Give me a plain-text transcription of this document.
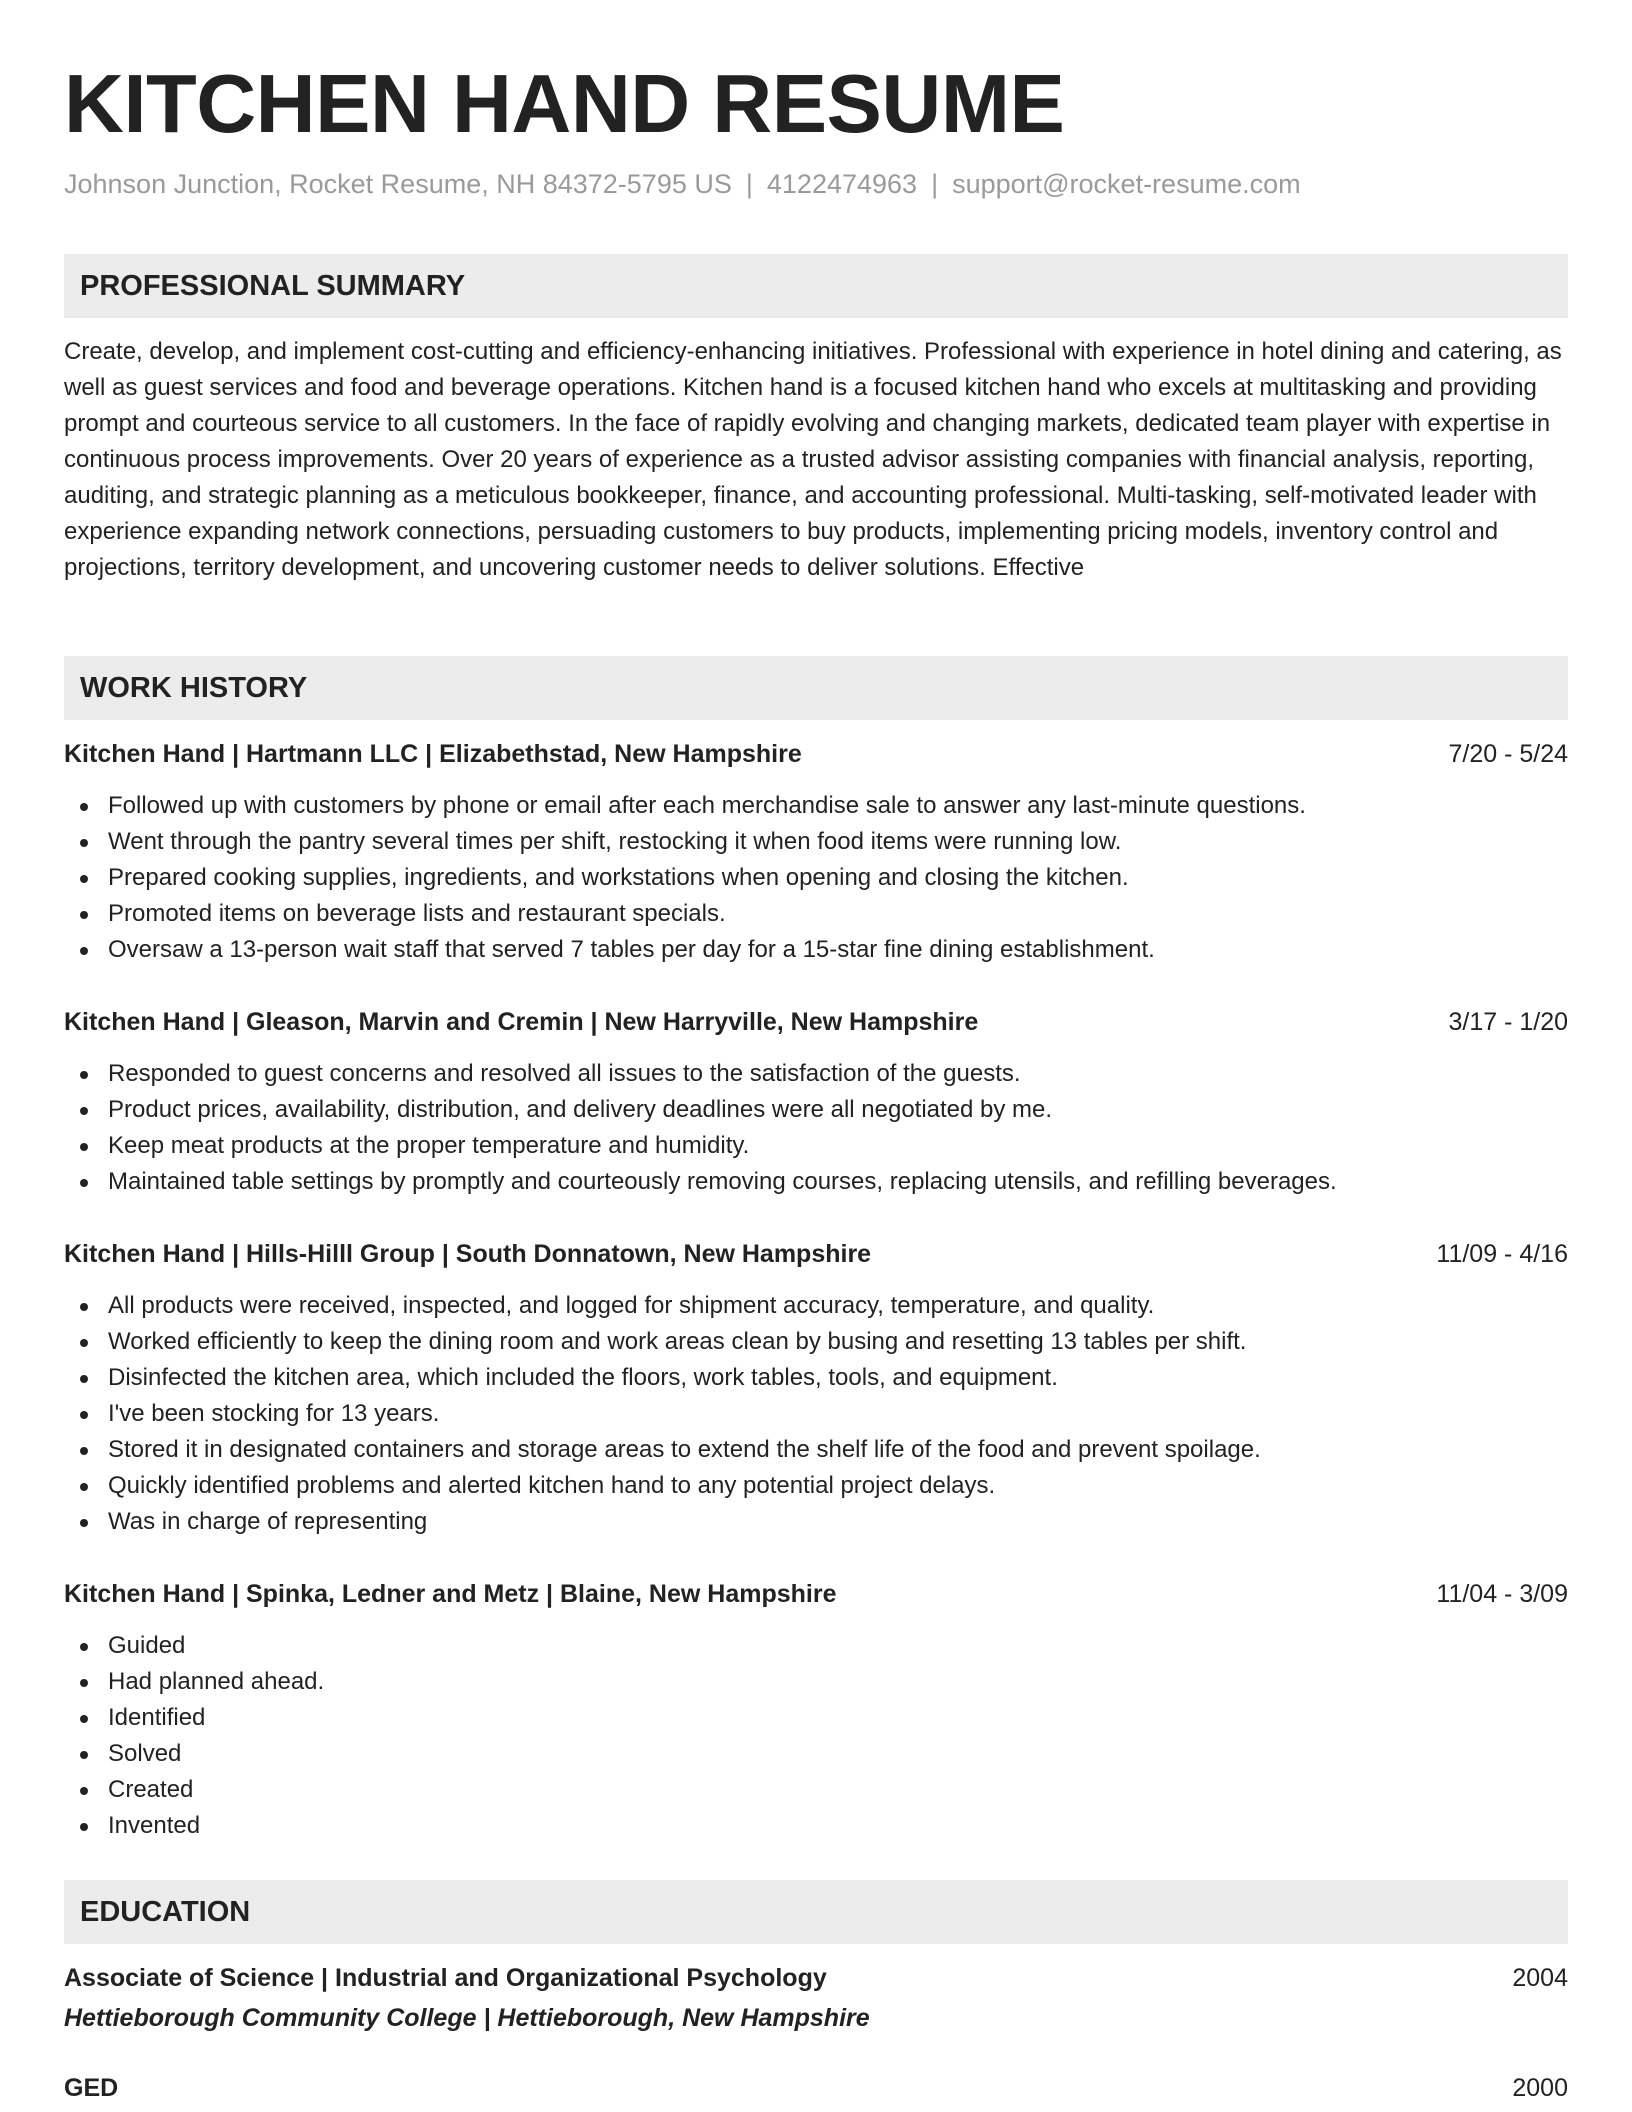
KITCHEN HAND RESUME

Johnson Junction, Rocket Resume, NH 84372-5795 US | 4122474963 | support@rocket-resume.com

PROFESSIONAL SUMMARY

Create, develop, and implement cost-cutting and efficiency-enhancing initiatives. Professional with experience in hotel dining and catering, as well as guest services and food and beverage operations. Kitchen hand is a focused kitchen hand who excels at multitasking and providing prompt and courteous service to all customers. In the face of rapidly evolving and changing markets, dedicated team player with expertise in continuous process improvements. Over 20 years of experience as a trusted advisor assisting companies with financial analysis, reporting, auditing, and strategic planning as a meticulous bookkeeper, finance, and accounting professional. Multi-tasking, self-motivated leader with experience expanding network connections, persuading customers to buy products, implementing pricing models, inventory control and projections, territory development, and uncovering customer needs to deliver solutions. Effective

WORK HISTORY
Kitchen Hand | Hartmann LLC | Elizabethstad, New Hampshire	7/20 - 5/24
Followed up with customers by phone or email after each merchandise sale to answer any last-minute questions.
Went through the pantry several times per shift, restocking it when food items were running low.
Prepared cooking supplies, ingredients, and workstations when opening and closing the kitchen.
Promoted items on beverage lists and restaurant specials.
Oversaw a 13-person wait staff that served 7 tables per day for a 15-star fine dining establishment.
Kitchen Hand | Gleason, Marvin and Cremin | New Harryville, New Hampshire	3/17 - 1/20
Responded to guest concerns and resolved all issues to the satisfaction of the guests.
Product prices, availability, distribution, and delivery deadlines were all negotiated by me.
Keep meat products at the proper temperature and humidity.
Maintained table settings by promptly and courteously removing courses, replacing utensils, and refilling beverages.
Kitchen Hand | Hills-Hilll Group | South Donnatown, New Hampshire	11/09 - 4/16
All products were received, inspected, and logged for shipment accuracy, temperature, and quality.
Worked efficiently to keep the dining room and work areas clean by busing and resetting 13 tables per shift.
Disinfected the kitchen area, which included the floors, work tables, tools, and equipment.
I've been stocking for 13 years.
Stored it in designated containers and storage areas to extend the shelf life of the food and prevent spoilage.
Quickly identified problems and alerted kitchen hand to any potential project delays.
Was in charge of representing
Kitchen Hand | Spinka, Ledner and Metz | Blaine, New Hampshire	11/04 - 3/09
Guided
Had planned ahead.
Identified
Solved
Created
Invented
EDUCATION
Associate of Science | Industrial and Organizational Psychology	2004
Hettieborough Community College | Hettieborough, New Hampshire
GED	2000
